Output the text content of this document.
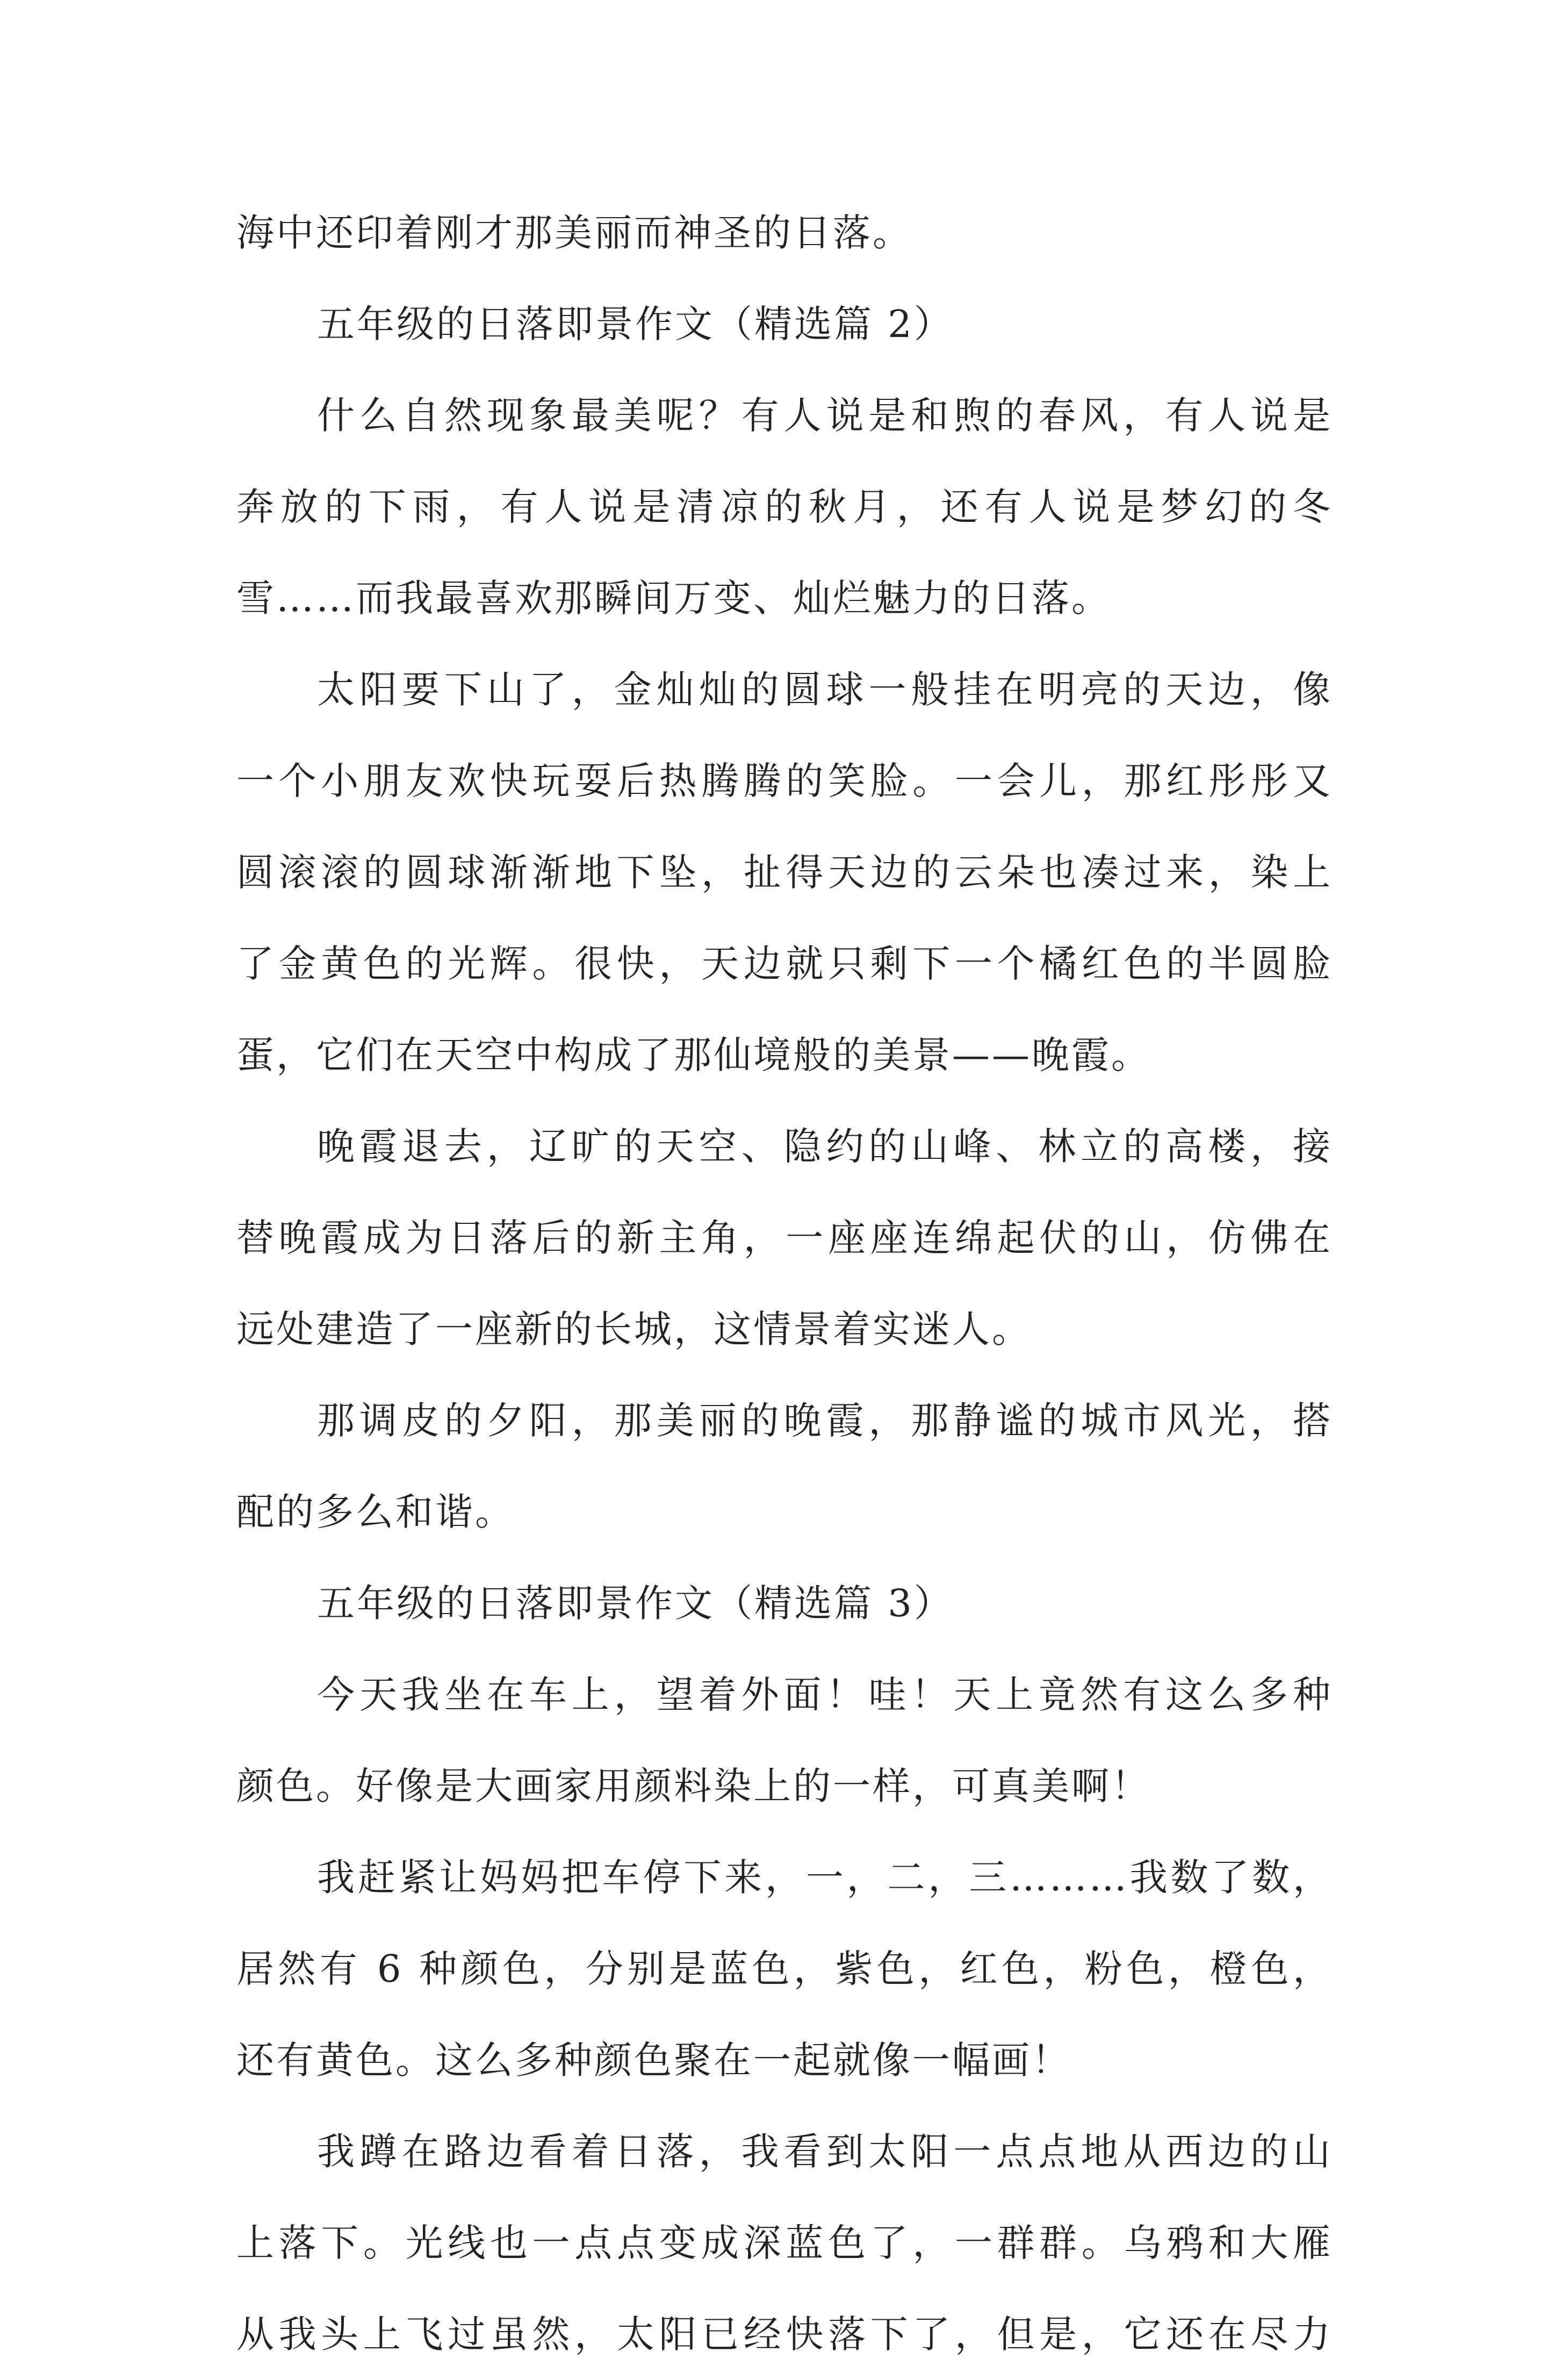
海中还印着刚才那美丽而神圣的日落。
五年级的日落即景作文（精选篇 2）
什么自然现象最美呢？有人说是和煦的春风，有人说是
奔放的下雨，有人说是清凉的秋月，还有人说是梦幻的冬
雪……而我最喜欢那瞬间万变、灿烂魅力的日落。
太阳要下山了，金灿灿的圆球一般挂在明亮的天边，像
一个小朋友欢快玩耍后热腾腾的笑脸。一会儿，那红彤彤又
圆滚滚的圆球渐渐地下坠，扯得天边的云朵也凑过来，染上
了金黄色的光辉。很快，天边就只剩下一个橘红色的半圆脸
蛋，它们在天空中构成了那仙境般的美景——晚霞。
晚霞退去，辽旷的天空、隐约的山峰、林立的高楼，接
替晚霞成为日落后的新主角，一座座连绵起伏的山，仿佛在
远处建造了一座新的长城，这情景着实迷人。
那调皮的夕阳，那美丽的晚霞，那静谧的城市风光，搭
配的多么和谐。
五年级的日落即景作文（精选篇 3）
今天我坐在车上，望着外面！哇！天上竟然有这么多种
颜色。好像是大画家用颜料染上的一样，可真美啊！
我赶紧让妈妈把车停下来，一，二，三………我数了数，
居然有 6 种颜色，分别是蓝色，紫色，红色，粉色，橙色，
还有黄色。这么多种颜色聚在一起就像一幅画！
我蹲在路边看着日落，我看到太阳一点点地从西边的山
上落下。光线也一点点变成深蓝色了，一群群。乌鸦和大雁
从我头上飞过虽然，太阳已经快落下了，但是，它还在尽力
